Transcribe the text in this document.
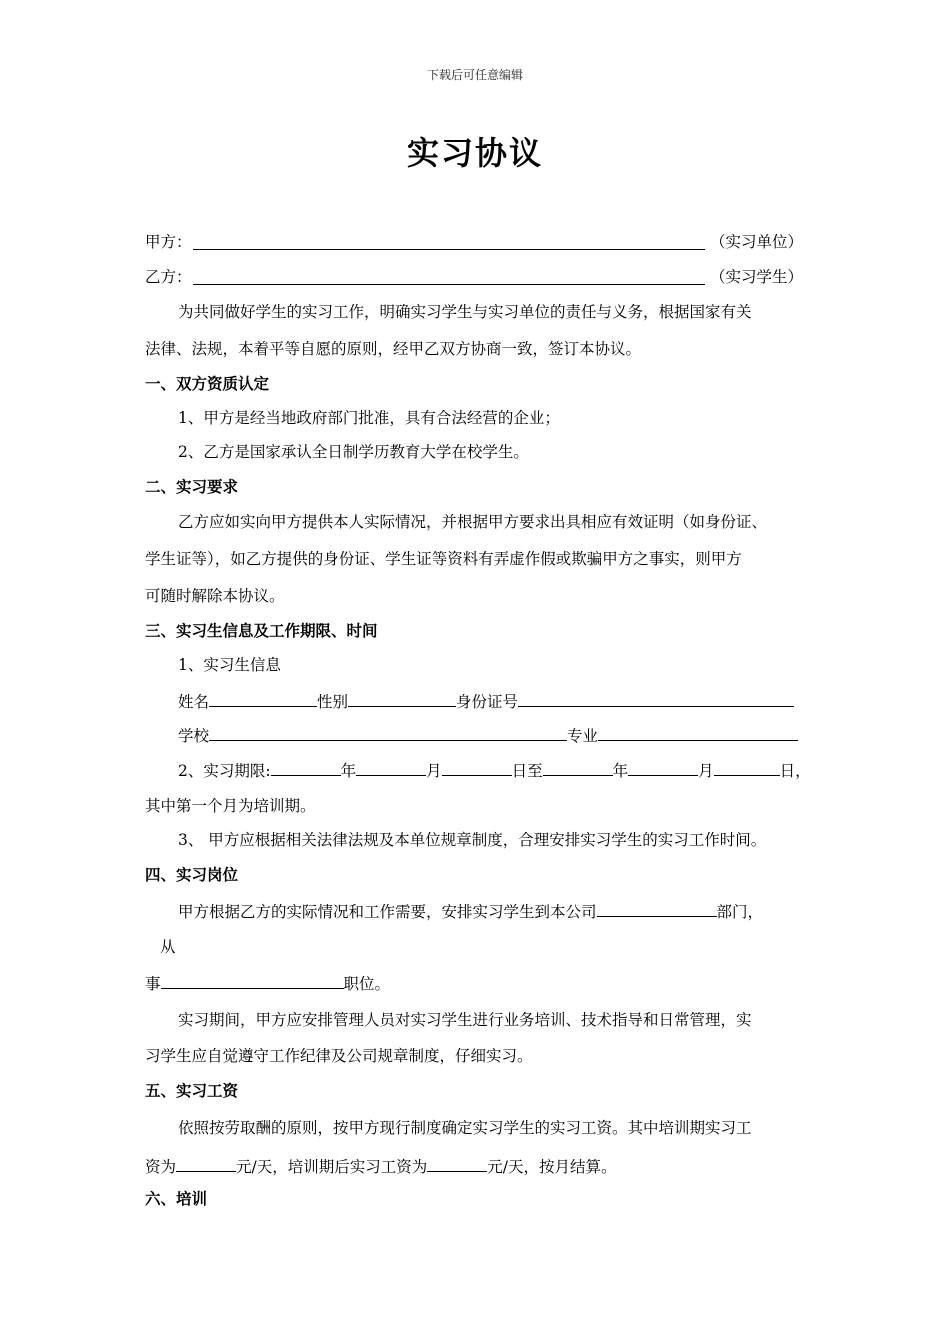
下载后可任意编辑
实习协议
甲方：	（实习单位）
乙方：	（实习学生）
为共同做好学生的实习工作，明确实习学生与实习单位的责任与义务，根据国家有关
法律、法规，本着平等自愿的原则，经甲乙双方协商一致，签订本协议。
一、双方资质认定
1、甲方是经当地政府部门批准，具有合法经营的企业；
2、乙方是国家承认全日制学历教育大学在校学生。
二、实习要求
乙方应如实向甲方提供本人实际情况，并根据甲方要求出具相应有效证明（如身份证、
学生证等），如乙方提供的身份证、学生证等资料有弄虚作假或欺骗甲方之事实，则甲方
可随时解除本协议。
三、实习生信息及工作期限、时间
1、实习生信息
姓名	性别	身份证号
学校	专业
2、实习期限:	年	月	日至	年	月	日，
其中第一个月为培训期。
3、 甲方应根据相关法律法规及本单位规章制度，合理安排实习学生的实习工作时间。
四、实习岗位
甲方根据乙方的实际情况和工作需要，安排实习学生到本公司	部门，
从
事	职位。
实习期间，甲方应安排管理人员对实习学生进行业务培训、技术指导和日常管理，实
习学生应自觉遵守工作纪律及公司规章制度，仔细实习。
五、实习工资
依照按劳取酬的原则，按甲方现行制度确定实习学生的实习工资。其中培训期实习工
资为	元/天，培训期后实习工资为	元/天，按月结算。
六、培训
